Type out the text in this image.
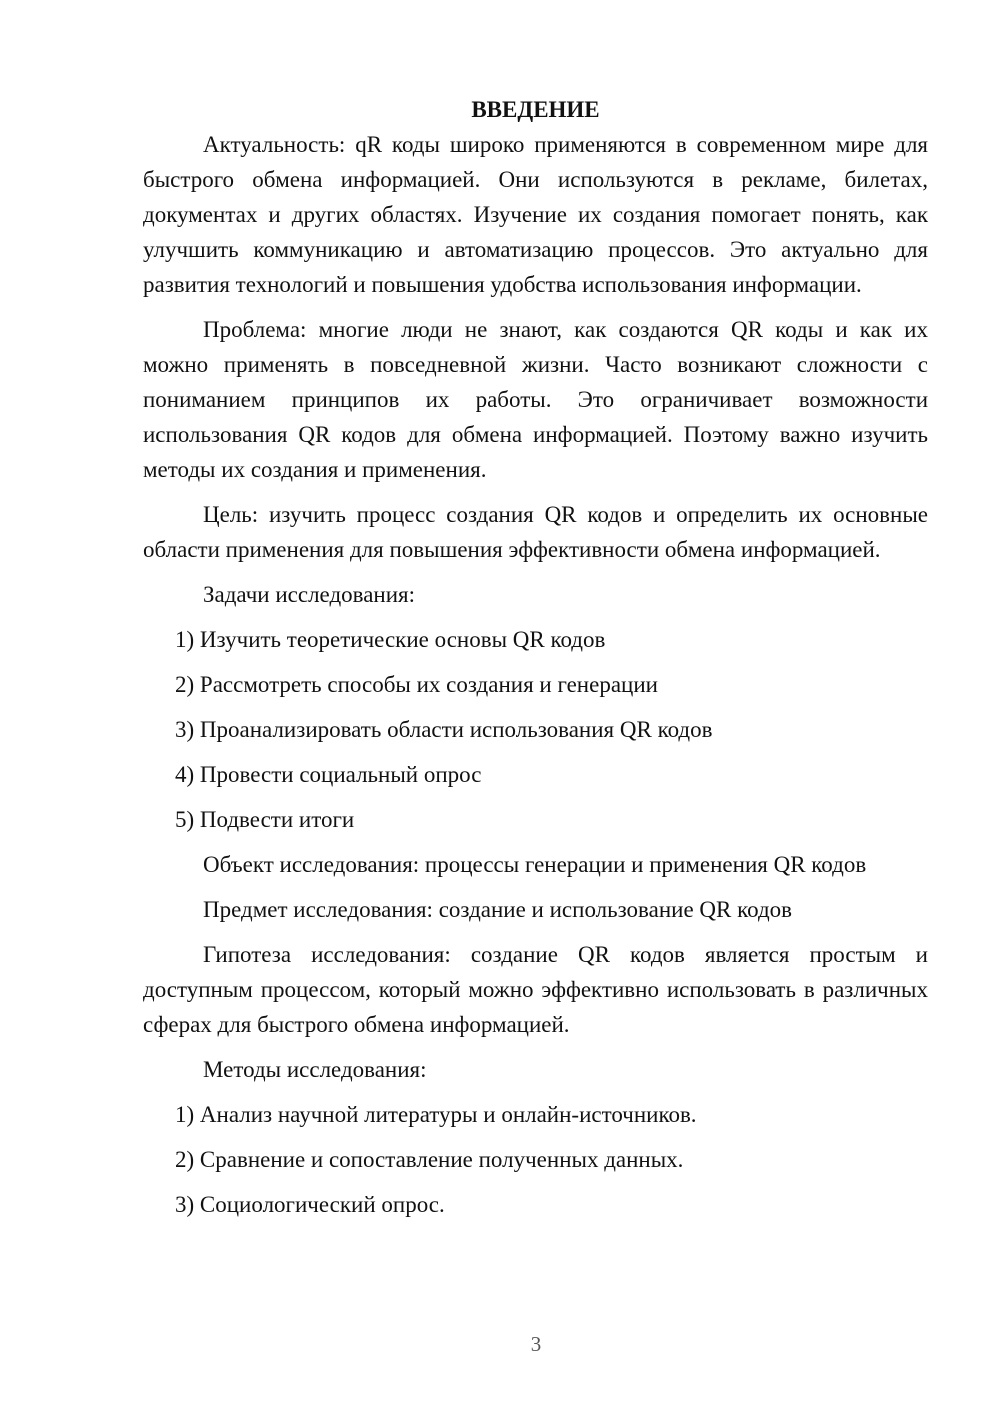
ВВЕДЕНИЕ

Актуальность: qR коды широко применяются в современном мире для быстрого обмена информацией. Они используются в рекламе, билетах, документах и других областях. Изучение их создания помогает понять, как улучшить коммуникацию и автоматизацию процессов. Это актуально для развития технологий и повышения удобства использования информации.

Проблема: многие люди не знают, как создаются QR коды и как их можно применять в повседневной жизни. Часто возникают сложности с пониманием принципов их работы. Это ограничивает возможности использования QR кодов для обмена информацией. Поэтому важно изучить методы их создания и применения.

Цель: изучить процесс создания QR кодов и определить их основные области применения для повышения эффективности обмена информацией.

Задачи исследования:

1) Изучить теоретические основы QR кодов
2) Рассмотреть способы их создания и генерации
3) Проанализировать области использования QR кодов
4) Провести социальный опрос
5) Подвести итоги

Объект исследования: процессы генерации и применения QR кодов

Предмет исследования: создание и использование QR кодов

Гипотеза исследования: создание QR кодов является простым и доступным процессом, который можно эффективно использовать в различных сферах для быстрого обмена информацией.

Методы исследования:

1) Анализ научной литературы и онлайн-источников.
2) Сравнение и сопоставление полученных данных.
3) Социологический опрос.
3
